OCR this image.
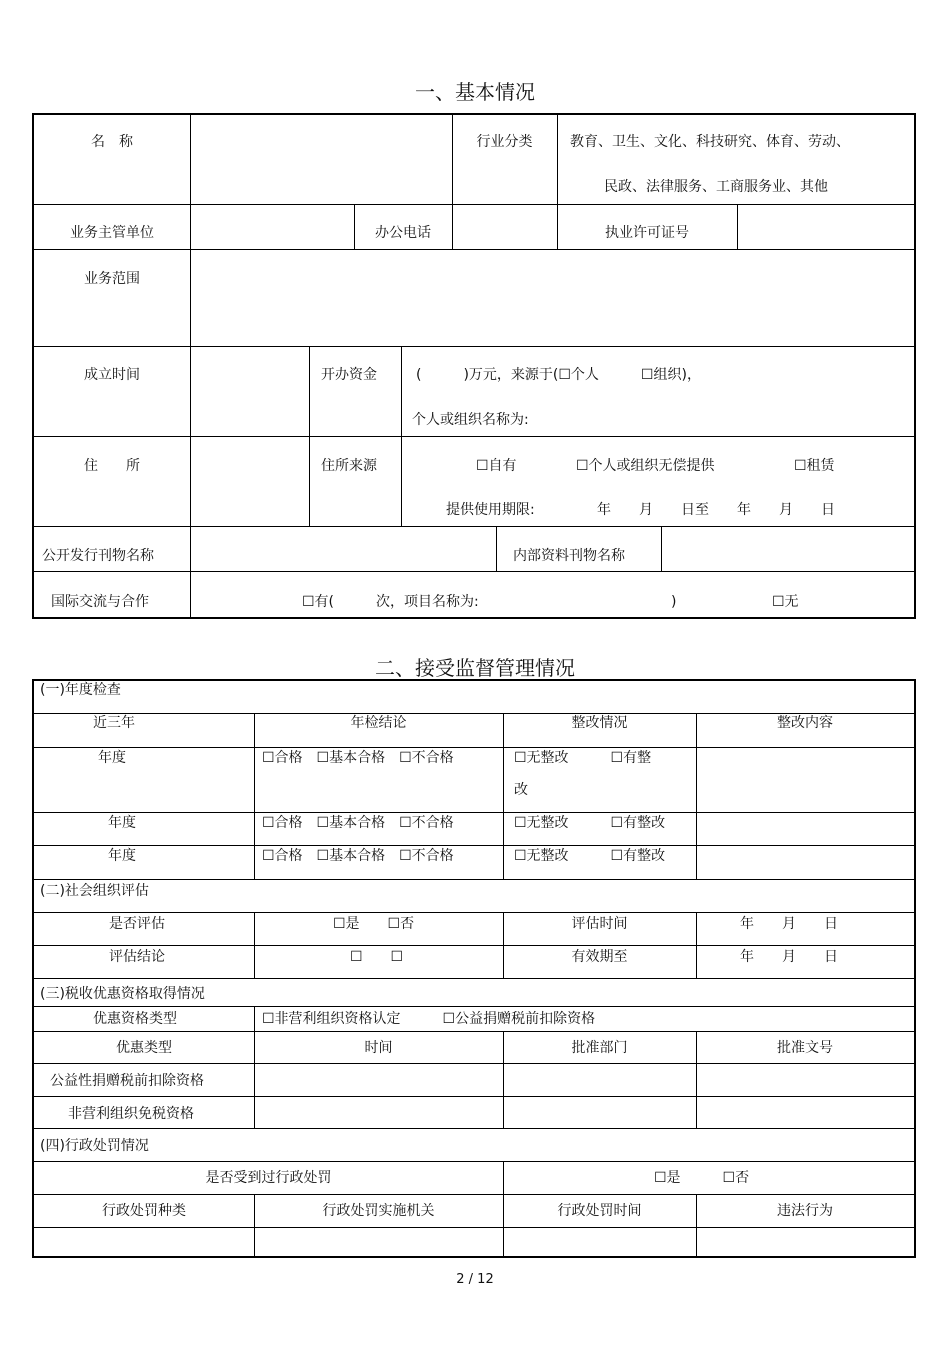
一、基本情况
名　称	行业分类	教育、卫生、文化、科技研究、体育、劳动、
民政、法律服务、工商服务业、其他
业务主管单位	办公电话	执业许可证号
业务范围
成立时间	开办资金	(　　　)万元，来源于(☐个人　　　☐组织)，
个人或组织名称为:
住　　所	住所来源	☐自有	☐个人或组织无偿提供	☐租赁
提供使用期限:	年　　月　　日至　　年　　月　　日
公开发行刊物名称	内部资料刊物名称
国际交流与合作	☐有(　　　次，项目名称为:	)	☐无
二、接受监督管理情况
(一)年度检查
近三年	年检结论	整改情况	整改内容
年度	☐合格　☐基本合格　☐不合格	☐无整改　　　☐有整
改
年度	☐合格　☐基本合格　☐不合格	☐无整改　　　☐有整改
年度	☐合格　☐基本合格　☐不合格	☐无整改　　　☐有整改
(二)社会组织评估
是否评估	☐是　　☐否	评估时间	年　　月　　日
评估结论	☐　　☐	有效期至	年　　月　　日
(三)税收优惠资格取得情况
优惠资格类型	☐非营利组织资格认定　　　☐公益捐赠税前扣除资格
优惠类型	时间	批准部门	批准文号
公益性捐赠税前扣除资格
非营利组织免税资格
(四)行政处罚情况
是否受到过行政处罚	☐是　　　☐否
行政处罚种类	行政处罚实施机关	行政处罚时间	违法行为
2 / 12
